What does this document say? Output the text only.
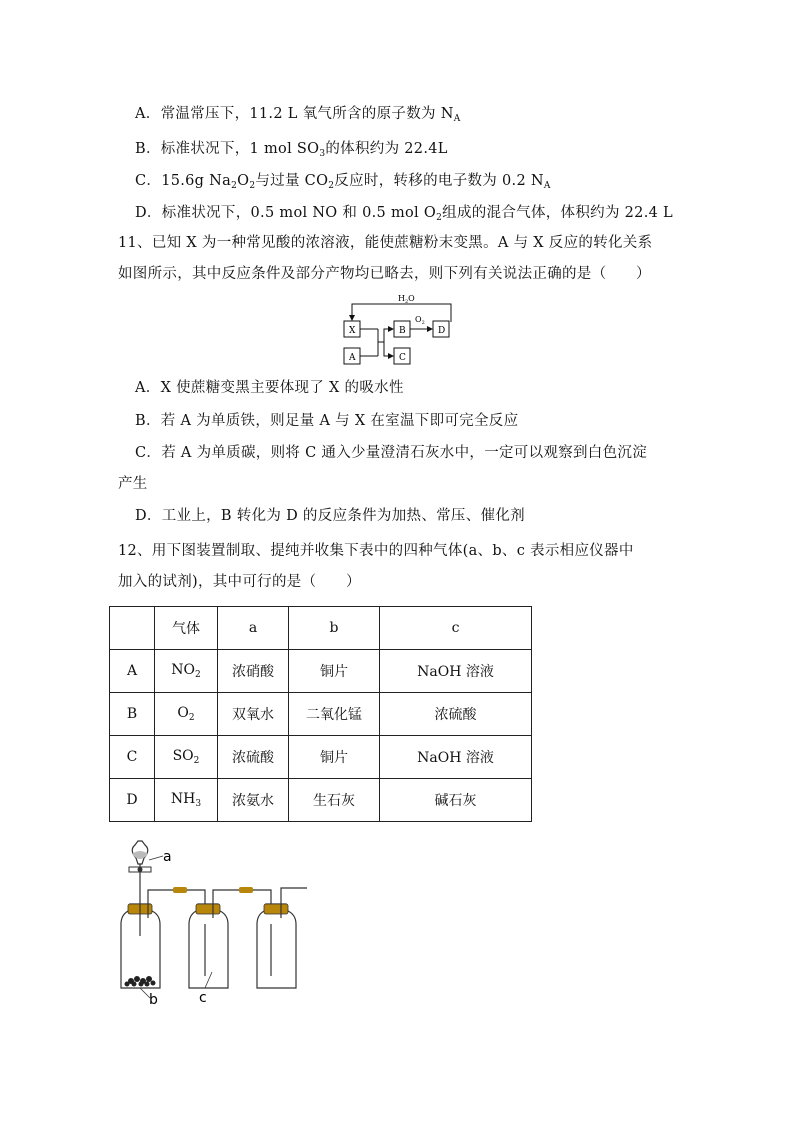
A．常温常压下，11.2 L 氧气所含的原子数为 $N_A$
B．标准状况下，1 mol $SO_3$的体积约为 22.4L
C．15.6g $Na_2O_2$与过量 $CO_2$反应时，转移的电子数为 0.2 $N_A$
D．标准状况下，0.5 mol NO 和 0.5 mol $O_2$组成的混合气体，体积约为 22.4 L
11、已知 X 为一种常见酸的浓溶液，能使蔗糖粉末变黑。A 与 X 反应的转化关系
如图所示，其中反应条件及部分产物均已略去，则下列有关说法正确的是（　　）
$H_2O$
X	B	D
A	C
$O_2$
A．X 使蔗糖变黑主要体现了 X 的吸水性
B．若 A 为单质铁，则足量 A 与 X 在室温下即可完全反应
C．若 A 为单质碳，则将 C 通入少量澄清石灰水中，一定可以观察到白色沉淀
产生
D．工业上，B 转化为 D 的反应条件为加热、常压、催化剂
12、用下图装置制取、提纯并收集下表中的四种气体(a、b、c 表示相应仪器中
加入的试剂)，其中可行的是（　　）
	气体	a	b	c
A	$NO_2$	浓硝酸	铜片	NaOH 溶液
B	$O_2$	双氧水	二氧化锰	浓硫酸
C	$SO_2$	浓硫酸	铜片	NaOH 溶液
D	$NH_3$	浓氨水	生石灰	碱石灰
a
b	c
